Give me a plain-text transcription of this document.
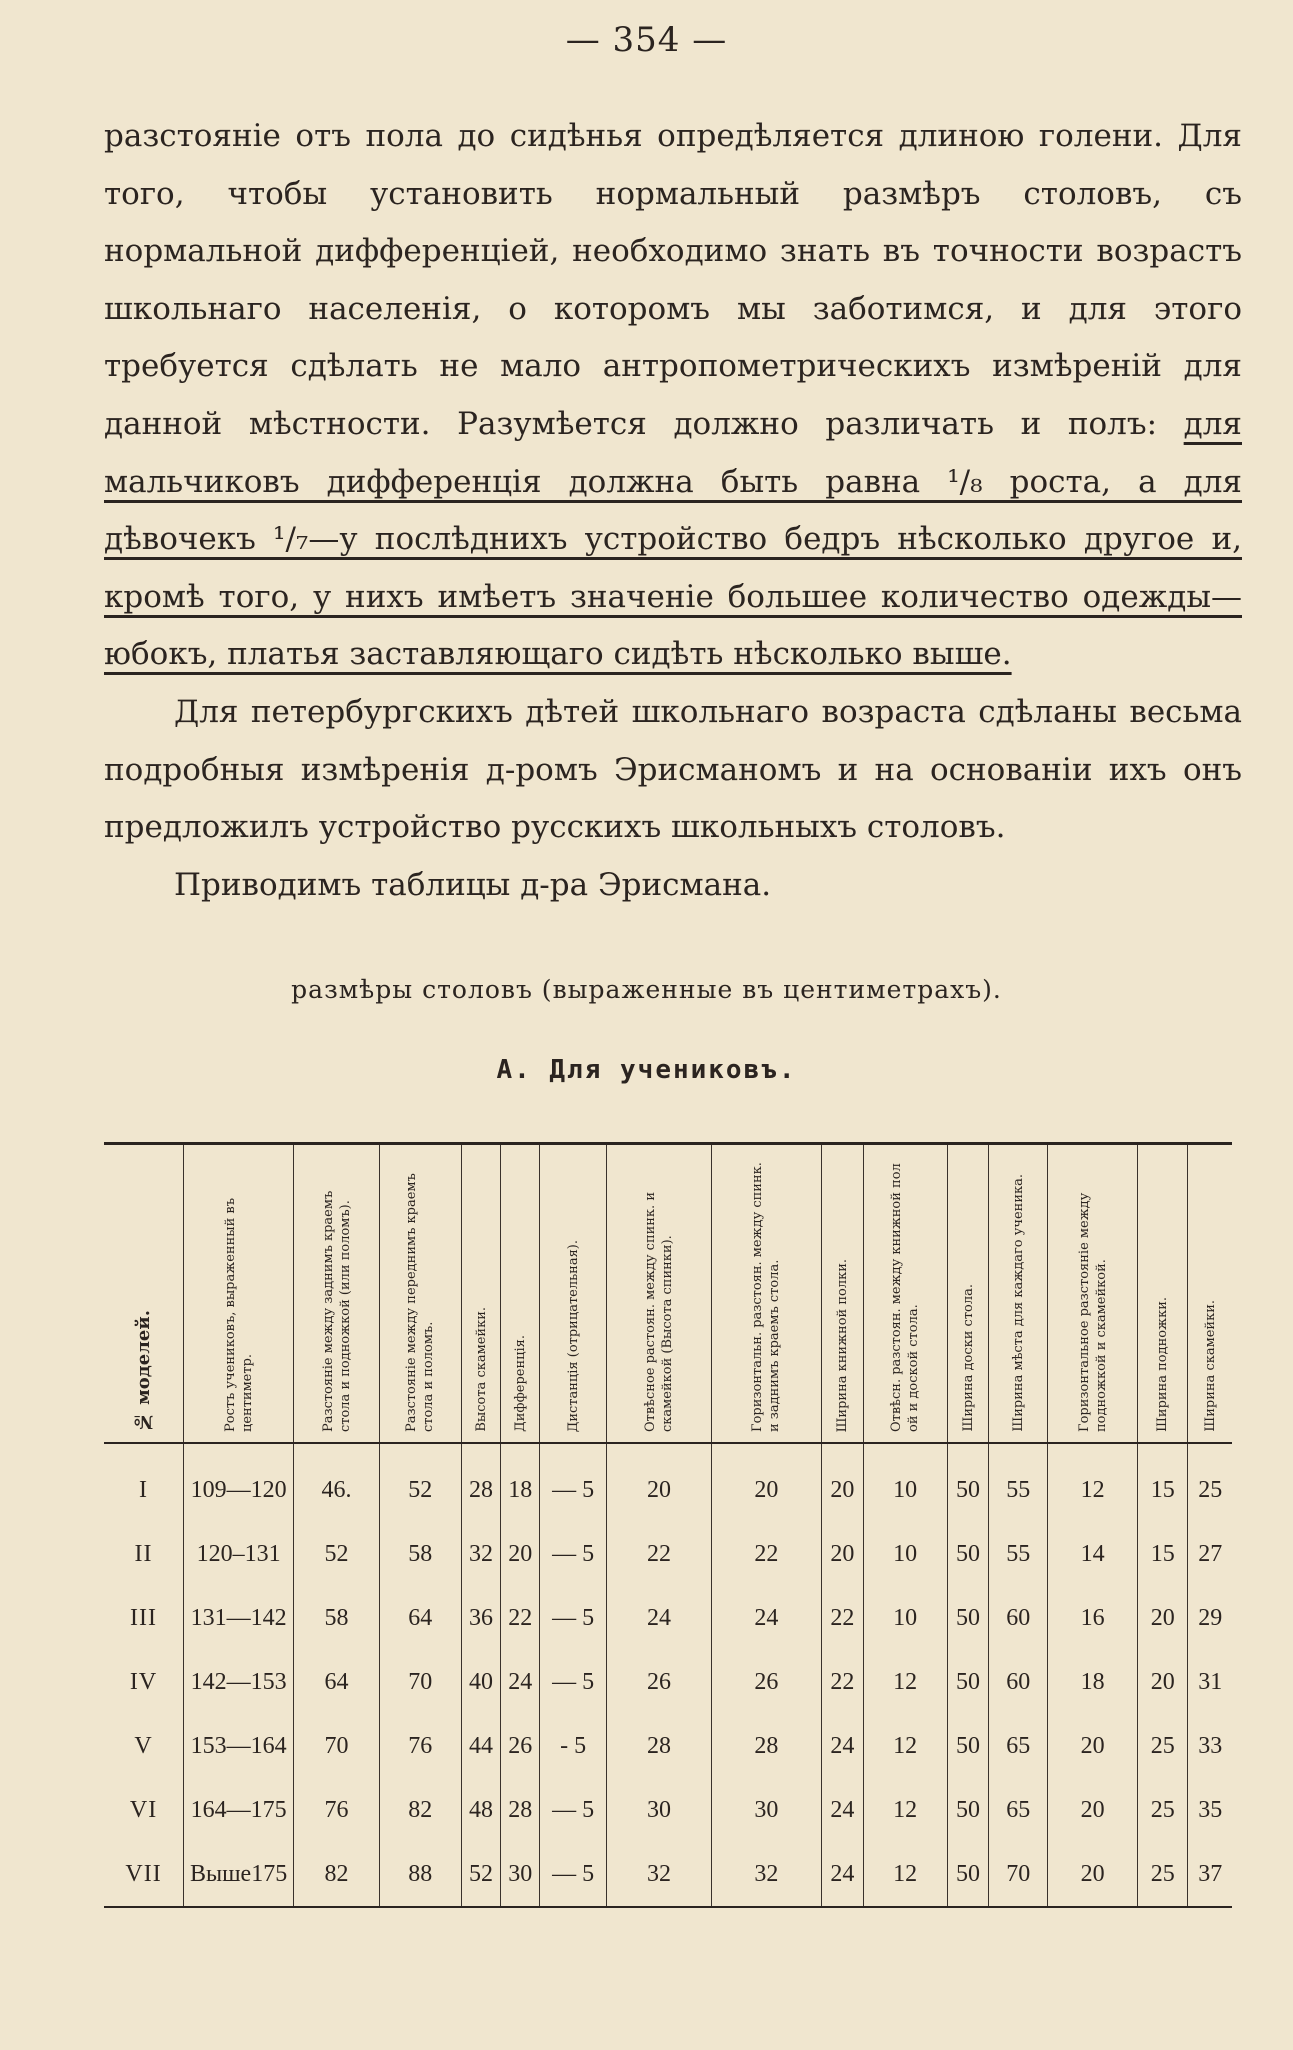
— 354 —

разстояніе отъ пола до сидѣнья опредѣляется длиною голени. Для того, чтобы установить нормальный размѣръ столовъ, съ нормальной дифференціей, необходимо знать въ точности возрастъ школьнаго населенія, о которомъ мы заботимся, и для этого требуется сдѣлать не мало антропометрическихъ измѣреній для данной мѣстности. Разумѣется должно различать и полъ: для мальчиковъ дифференція должна быть равна ¹/₈ роста, а для дѣвочекъ ¹/₇—у послѣднихъ устройство бедръ нѣсколько другое и, кромѣ того, у нихъ имѣетъ значеніе большее количество одежды—юбокъ, платья заставляющаго сидѣть нѣсколько выше.

Для петербургскихъ дѣтей школьнаго возраста сдѣланы весьма подробныя измѣренія д-ромъ Эрисманомъ и на основаніи ихъ онъ предложилъ устройство русскихъ школьныхъ столовъ.

Приводимъ таблицы д-ра Эрисмана.

размѣры столовъ (выраженные въ центиметрахъ).
А. Для учениковъ.
№ моделей.	Ростъ учениковъ, выраженный въ центиметр.	Разстояніе между заднимъ краемъ стола и подножкой (или поломъ).	Разстояніе между переднимъ краемъ стола и поломъ.	Высота скамейки.	Дифференція.	Дистанція (отрицательная).	Отвѣсное растоян. между спинк. и скамейкой (Высота спинки).	Горизонтальн. разстоян. между спинк. и заднимъ краемъ стола.	Ширина книжной полки.	Отвѣсн. разстоян. между книжной пол ой и доской стола.	Ширина доски стола.	Ширина мѣста для каждаго ученика.	Горизонтальное разстояніе между подножкой и скамейкой.	Ширина подножки.	Ширина скамейки.
I	109—120	46.	52	28	18	— 5	20	20	20	10	50	55	12	15	25
II	120–131	52	58	32	20	— 5	22	22	20	10	50	55	14	15	27
III	131—142	58	64	36	22	— 5	24	24	22	10	50	60	16	20	29
IV	142—153	64	70	40	24	— 5	26	26	22	12	50	60	18	20	31
V	153—164	70	76	44	26	- 5	28	28	24	12	50	65	20	25	33
VI	164—175	76	82	48	28	— 5	30	30	24	12	50	65	20	25	35
VII	Выше175	82	88	52	30	— 5	32	32	24	12	50	70	20	25	37
